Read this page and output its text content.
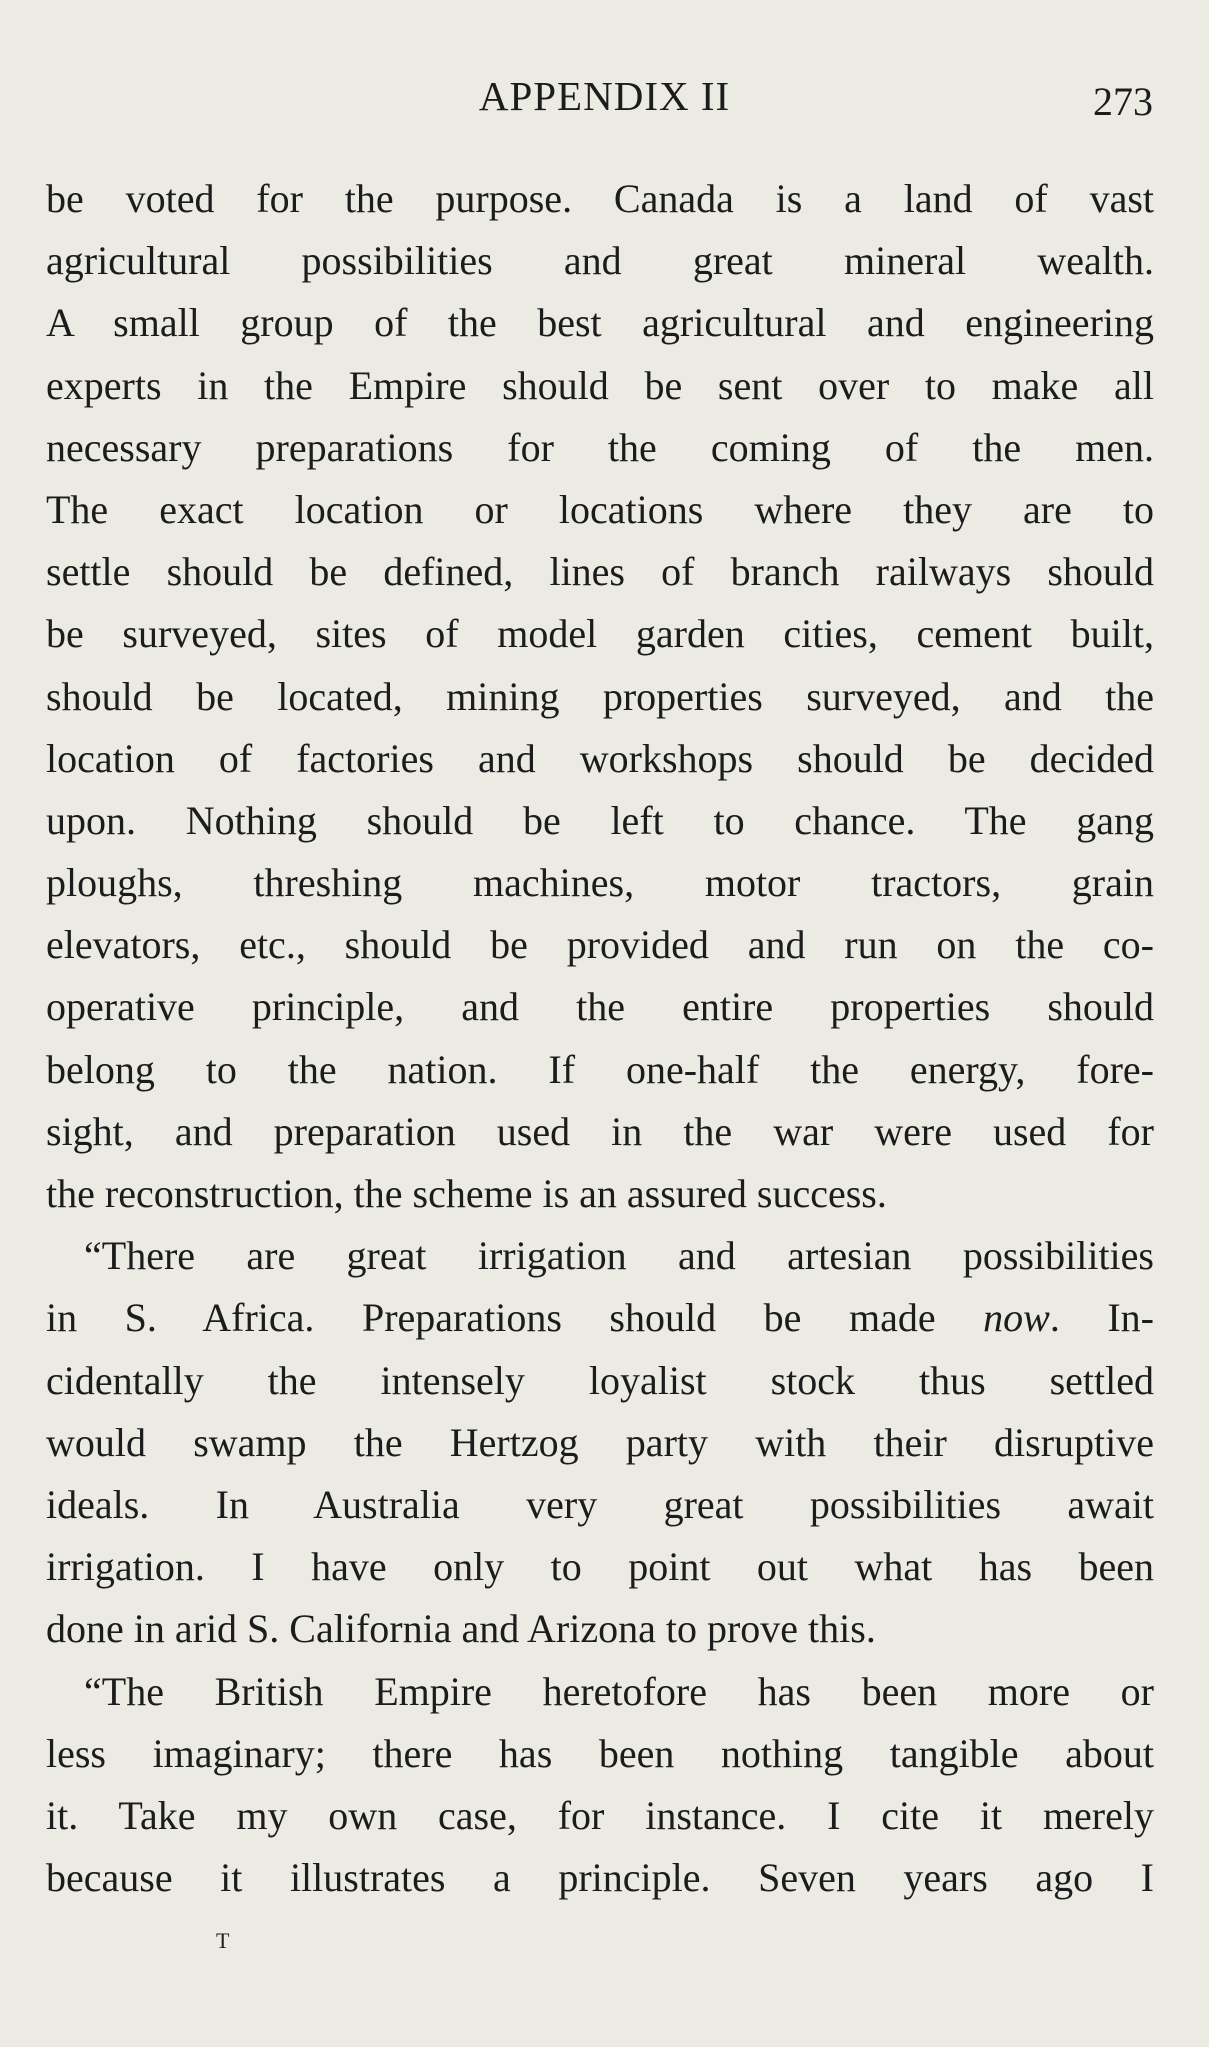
APPENDIX II	273
be voted for the purpose. Canada is a land of vast
agricultural possibilities and great mineral wealth.
A small group of the best agricultural and engineering
experts in the Empire should be sent over to make all
necessary preparations for the coming of the men.
The exact location or locations where they are to
settle should be defined, lines of branch railways should
be surveyed, sites of model garden cities, cement built,
should be located, mining properties surveyed, and the
location of factories and workshops should be decided
upon. Nothing should be left to chance. The gang
ploughs, threshing machines, motor tractors, grain
elevators, etc., should be provided and run on the co-
operative principle, and the entire properties should
belong to the nation. If one-half the energy, fore-
sight, and preparation used in the war were used for
the reconstruction, the scheme is an assured success.
“There are great irrigation and artesian possibilities
in S. Africa. Preparations should be made now. In-
cidentally the intensely loyalist stock thus settled
would swamp the Hertzog party with their disruptive
ideals. In Australia very great possibilities await
irrigation. I have only to point out what has been
done in arid S. California and Arizona to prove this.
“The British Empire heretofore has been more or
less imaginary; there has been nothing tangible about
it. Take my own case, for instance. I cite it merely
because it illustrates a principle. Seven years ago I
T
